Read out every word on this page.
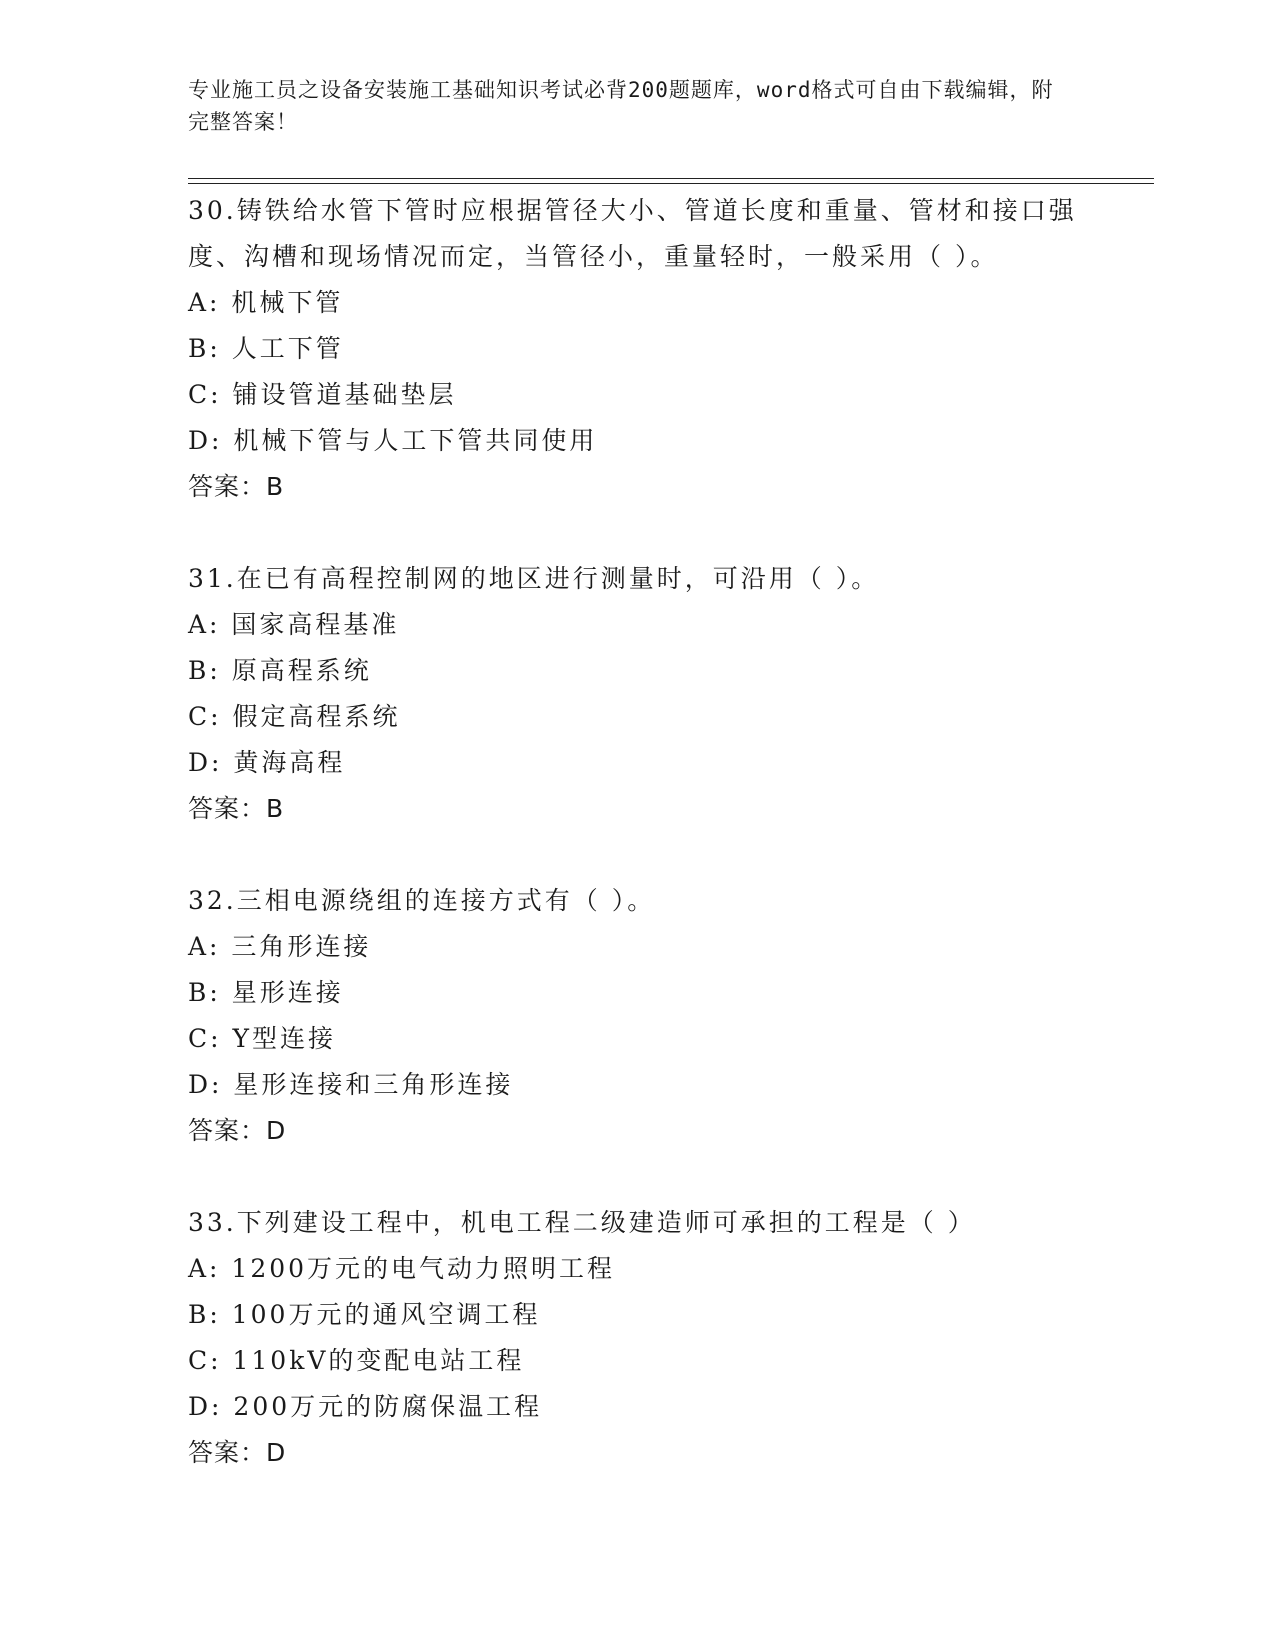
专业施工员之设备安装施工基础知识考试必背200题题库，word格式可自由下载编辑，附完整答案！
30.铸铁给水管下管时应根据管径大小、管道长度和重量、管材和接口强度、沟槽和现场情况而定，当管径小，重量轻时，一般采用（ ）。
A: 机械下管
B: 人工下管
C: 铺设管道基础垫层
D: 机械下管与人工下管共同使用
答案：B
31.在已有高程控制网的地区进行测量时，可沿用（ ）。
A: 国家高程基准
B: 原高程系统
C: 假定高程系统
D: 黄海高程
答案：B
32.三相电源绕组的连接方式有（ ）。
A: 三角形连接
B: 星形连接
C: Y型连接
D: 星形连接和三角形连接
答案：D
33.下列建设工程中，机电工程二级建造师可承担的工程是（ ）
A: 1200万元的电气动力照明工程
B: 100万元的通风空调工程
C: 110kV的变配电站工程
D: 200万元的防腐保温工程
答案：D
